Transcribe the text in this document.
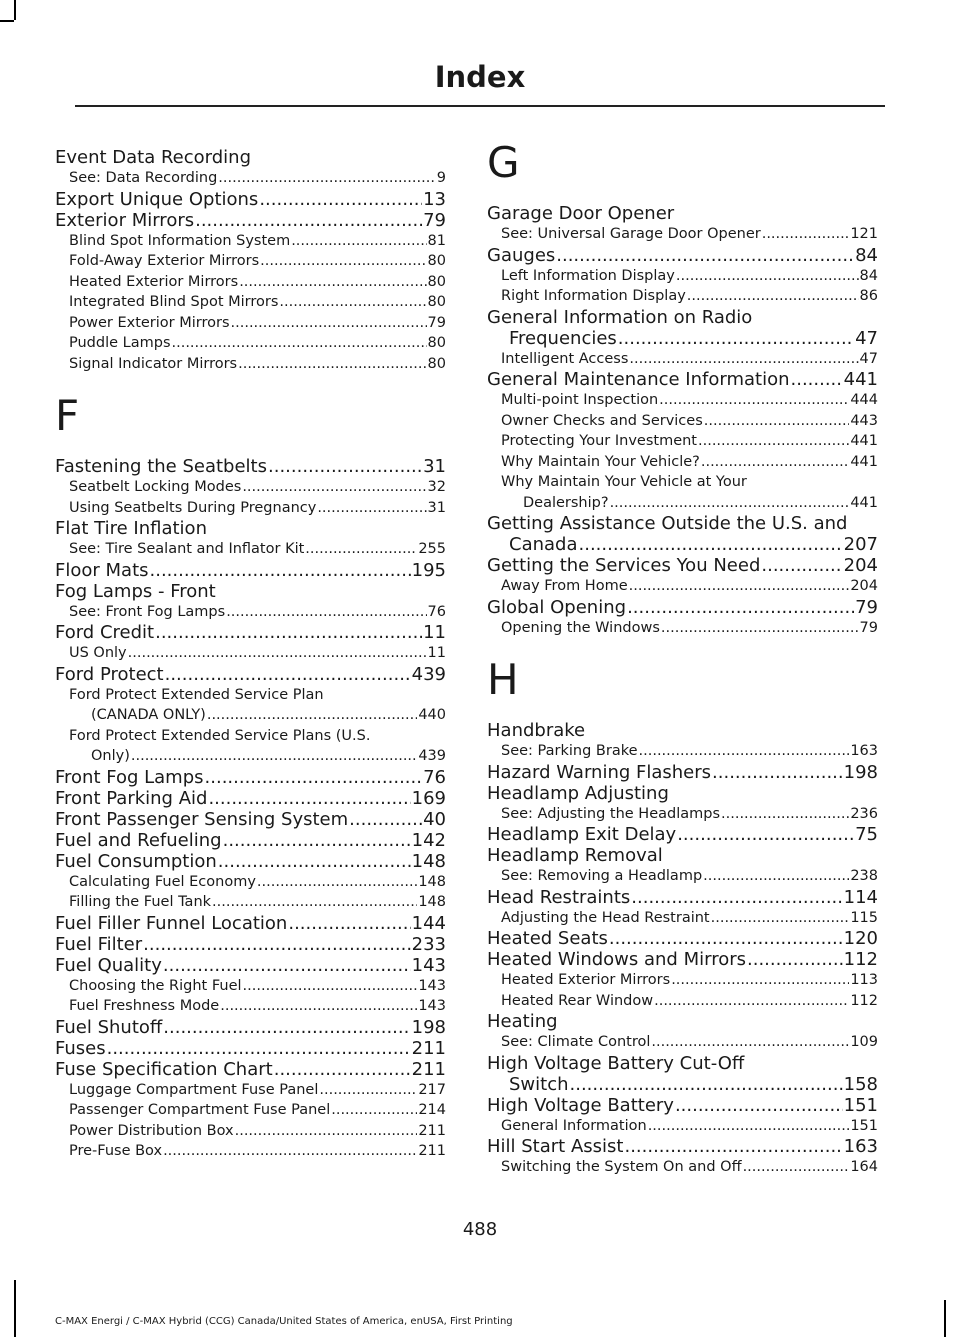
Index
Event Data Recording
See: Data Recording .....	9
Export Unique Options .....	13
Exterior Mirrors .....	79
Blind Spot Information System .....	81
Fold-Away Exterior Mirrors .....	80
Heated Exterior Mirrors .....	80
Integrated Blind Spot Mirrors .....	80
Power Exterior Mirrors .....	79
Puddle Lamps .....	80
Signal Indicator Mirrors .....	80
F
Fastening the Seatbelts .....	31
Seatbelt Locking Modes .....	32
Using Seatbelts During Pregnancy .....	31
Flat Tire Inflation
See: Tire Sealant and Inflator Kit .....	255
Floor Mats .....	195
Fog Lamps - Front
See: Front Fog Lamps .....	76
Ford Credit .....	11
US Only .....	11
Ford Protect .....	439
Ford Protect Extended Service Plan
(CANADA ONLY) .....	440
Ford Protect Extended Service Plans (U.S.
Only) .....	439
Front Fog Lamps .....	76
Front Parking Aid .....	169
Front Passenger Sensing System .....	40
Fuel and Refueling .....	142
Fuel Consumption .....	148
Calculating Fuel Economy .....	148
Filling the Fuel Tank .....	148
Fuel Filler Funnel Location .....	144
Fuel Filter .....	233
Fuel Quality .....	143
Choosing the Right Fuel .....	143
Fuel Freshness Mode .....	143
Fuel Shutoff .....	198
Fuses .....	211
Fuse Specification Chart .....	211
Luggage Compartment Fuse Panel .....	217
Passenger Compartment Fuse Panel .....	214
Power Distribution Box .....	211
Pre-Fuse Box .....	211
G
Garage Door Opener
See: Universal Garage Door Opener .....	121
Gauges .....	84
Left Information Display .....	84
Right Information Display .....	86
General Information on Radio
Frequencies .....	47
Intelligent Access .....	47
General Maintenance Information .....	441
Multi-point Inspection .....	444
Owner Checks and Services .....	443
Protecting Your Investment .....	441
Why Maintain Your Vehicle? .....	441
Why Maintain Your Vehicle at Your
Dealership? .....	441
Getting Assistance Outside the U.S. and
Canada .....	207
Getting the Services You Need .....	204
Away From Home .....	204
Global Opening .....	79
Opening the Windows .....	79
H
Handbrake
See: Parking Brake .....	163
Hazard Warning Flashers .....	198
Headlamp Adjusting
See: Adjusting the Headlamps .....	236
Headlamp Exit Delay .....	75
Headlamp Removal
See: Removing a Headlamp .....	238
Head Restraints .....	114
Adjusting the Head Restraint .....	115
Heated Seats .....	120
Heated Windows and Mirrors .....	112
Heated Exterior Mirrors .....	113
Heated Rear Window .....	112
Heating
See: Climate Control .....	109
High Voltage Battery Cut-Off
Switch .....	158
High Voltage Battery .....	151
General Information .....	151
Hill Start Assist .....	163
Switching the System On and Off .....	164
488
C-MAX Energi / C-MAX Hybrid (CCG) Canada/United States of America, enUSA, First Printing
